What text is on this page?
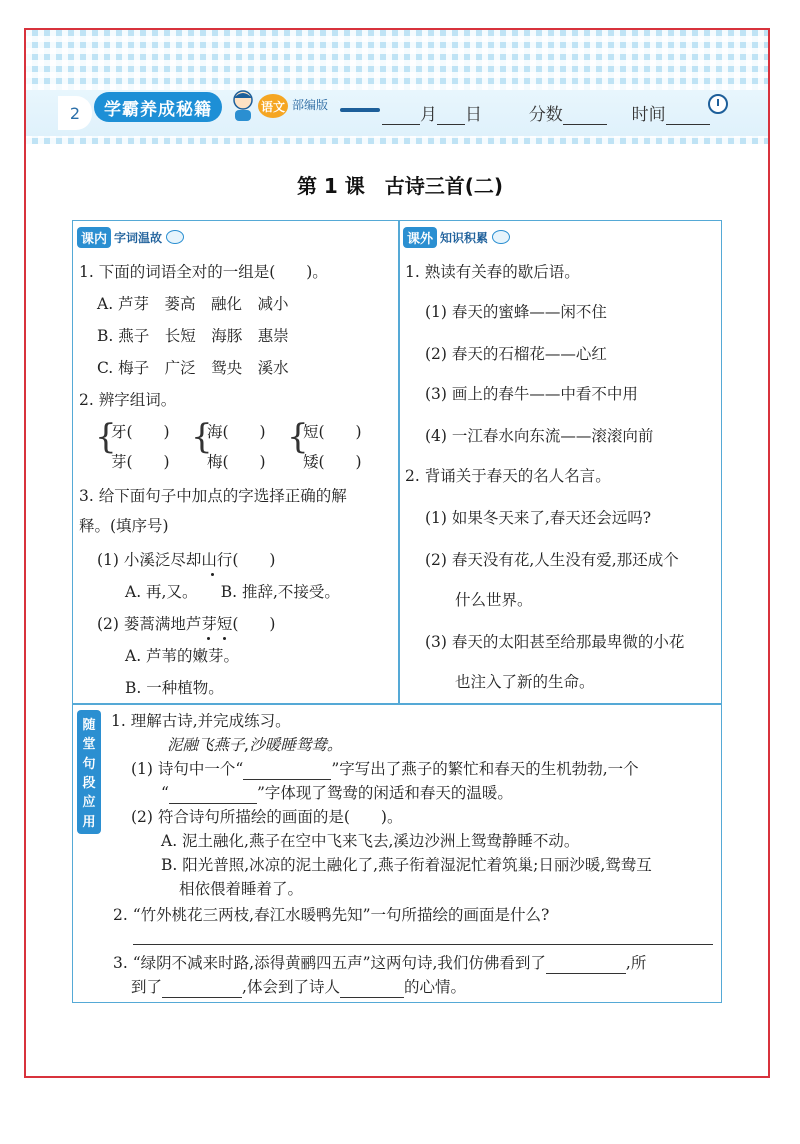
2	学霸养成秘籍	语文 部编版	月 日	分数	时间
第 1 课　古诗三首(二)
课内 字词温故
1. 下面的词语全对的一组是(　　)。
A. 芦芽　蒌高　融化　减小
B. 燕子　长短　海豚　惠崇
C. 梅子　广泛　鸳央　溪水
2. 辨字组词。
{
牙(　　)
芽(　　)
{
海(　　)
梅(　　)
{
短(　　)
矮(　　)
3. 给下面句子中加点的字选择正确的解
释。(填序号)
(1) 小溪泛尽却山行(　　)
A. 再,又。　　B. 推辞,不接受。
(2) 蒌蒿满地芦芽短(　　)
A. 芦苇的嫩芽。
B. 一种植物。
课外 知识积累
1. 熟读有关春的歇后语。
(1) 春天的蜜蜂——闲不住
(2) 春天的石榴花——心红
(3) 画上的春牛——中看不中用
(4) 一江春水向东流——滚滚向前
2. 背诵关于春天的名人名言。
(1) 如果冬天来了,春天还会远吗?
(2) 春天没有花,人生没有爱,那还成个
什么世界。
(3) 春天的太阳甚至给那最卑微的小花
也注入了新的生命。
随
堂
句
段
应
用
1. 理解古诗,并完成练习。
泥融飞燕子,沙暖睡鸳鸯。
(1) 诗句中一个“	”字写出了燕子的繁忙和春天的生机勃勃,一个
“	”字体现了鸳鸯的闲适和春天的温暖。
(2) 符合诗句所描绘的画面的是(　　)。
A. 泥土融化,燕子在空中飞来飞去,溪边沙洲上鸳鸯静睡不动。
B. 阳光普照,冰凉的泥土融化了,燕子衔着湿泥忙着筑巢;日丽沙暖,鸳鸯互
相依偎着睡着了。
2. “竹外桃花三两枝,春江水暖鸭先知”一句所描绘的画面是什么?
3. “绿阴不减来时路,添得黄鹂四五声”这两句诗,我们仿佛看到了	,所
到了	,体会到了诗人	的心情。
